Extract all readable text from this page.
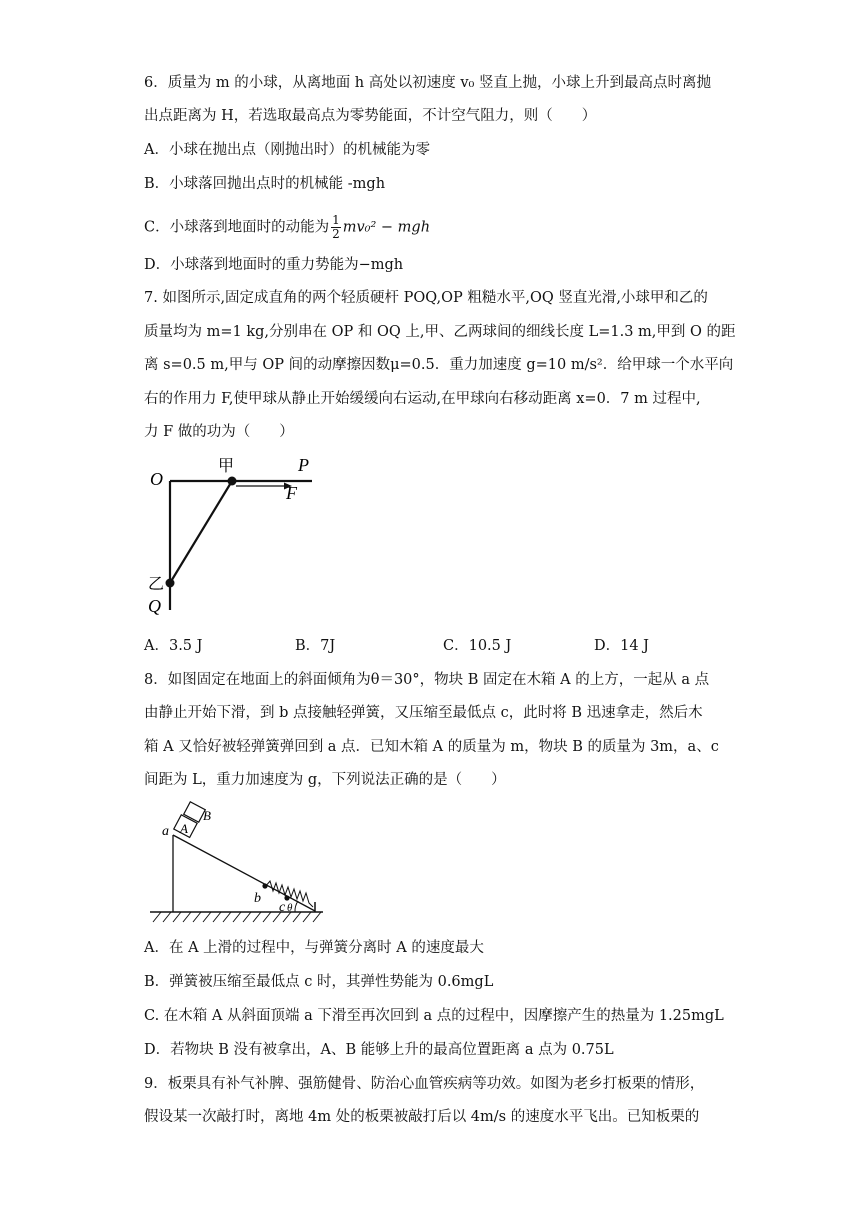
6．质量为 m 的小球，从离地面 h 高处以初速度 v₀ 竖直上抛，小球上升到最高点时离抛
出点距离为 H，若选取最高点为零势能面，不计空气阻力，则（　　）
A．小球在抛出点（刚抛出时）的机械能为零
B．小球落回抛出点时的机械能 -mgh
C．小球落到地面时的动能为 $\frac{1}{2} mv_0^2$ − mgh
D．小球落到地面时的重力势能为−mgh
7. 如图所示,固定成直角的两个轻质硬杆 POQ,OP 粗糙水平,OQ 竖直光滑,小球甲和乙的
质量均为 m=1 kg,分别串在 OP 和 OQ 上,甲、乙两球间的细线长度 L=1.3 m,甲到 O 的距
离 s=0.5 m,甲与 OP 间的动摩擦因数μ=0.5．重力加速度 g=10 m/s²．给甲球一个水平向
右的作用力 F,使甲球从静止开始缓缓向右运动,在甲球向右移动距离 x=0．7 m 过程中,
力 F 做的功为（　　）
O
甲	P
F
乙
Q
A．3.5 J	B．7J	C．10.5 J	D．14 J
8．如图固定在地面上的斜面倾角为θ＝30°，物块 B 固定在木箱 A 的上方，一起从 a 点
由静止开始下滑，到 b 点接触轻弹簧，又压缩至最低点 c，此时将 B 迅速拿走，然后木
箱 A 又恰好被轻弹簧弹回到 a 点．已知木箱 A 的质量为 m，物块 B 的质量为 3m，a、c
间距为 L，重力加速度为 g，下列说法正确的是（　　）
a A
B
b
c θ
A．在 A 上滑的过程中，与弹簧分离时 A 的速度最大
B．弹簧被压缩至最低点 c 时，其弹性势能为 0.6mgL
C. 在木箱 A 从斜面顶端 a 下滑至再次回到 a 点的过程中，因摩擦产生的热量为 1.25mgL
D．若物块 B 没有被拿出，A、B 能够上升的最高位置距离 a 点为 0.75L
9．板栗具有补气补脾、强筋健骨、防治心血管疾病等功效。如图为老乡打板栗的情形，
假设某一次敲打时，离地 4m 处的板栗被敲打后以 4m/s 的速度水平飞出。已知板栗的
